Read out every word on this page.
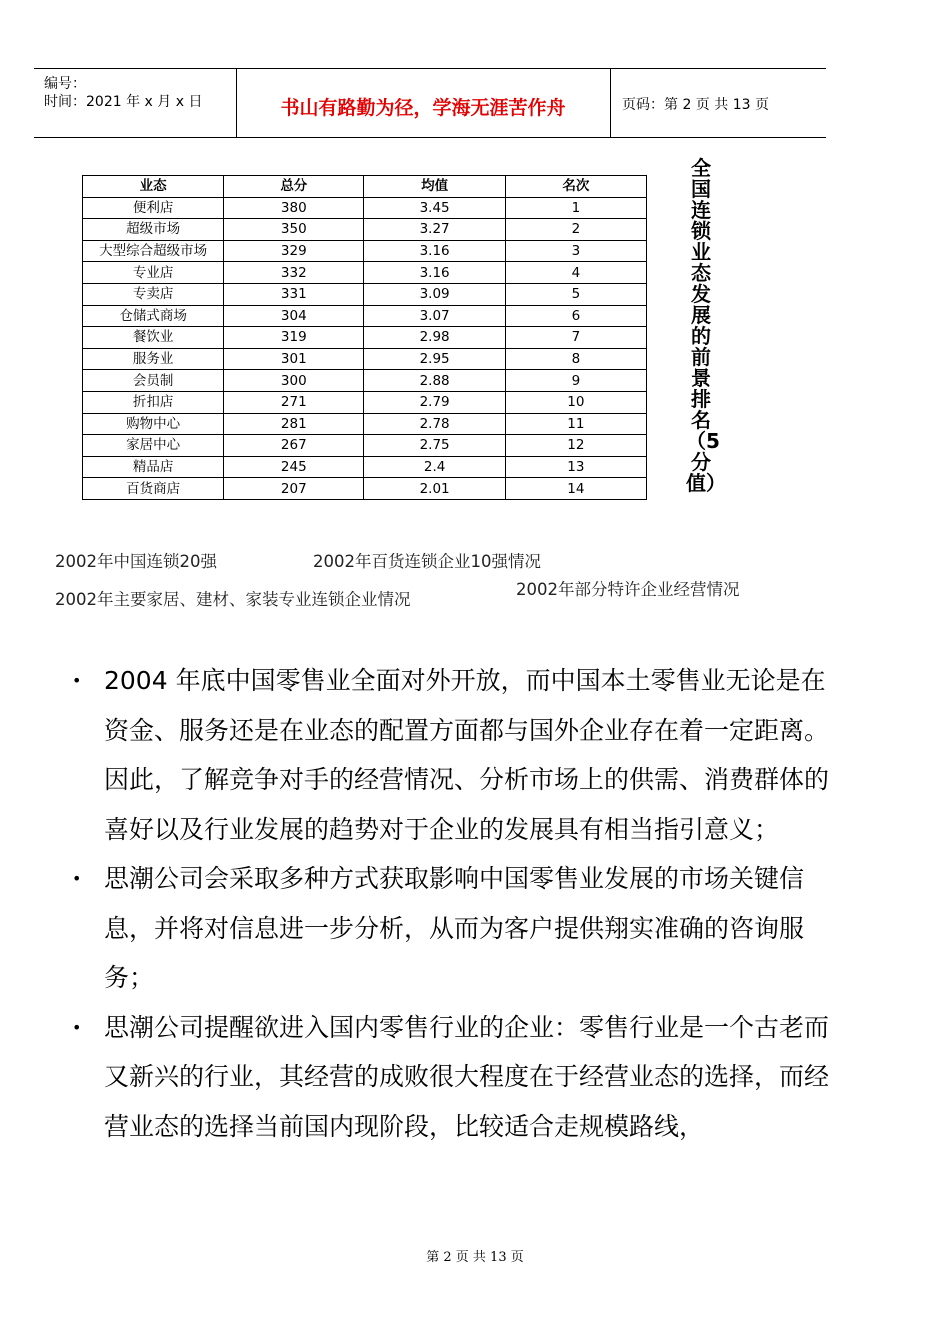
编号：
时间：2021 年 x 月 x 日	书山有路勤为径，学海无涯苦作舟	页码：第 2 页 共 13 页
业态	总分	均值	名次
便利店	380	3.45	1
超级市场	350	3.27	2
大型综合超级市场	329	3.16	3
专业店	332	3.16	4
专卖店	331	3.09	5
仓储式商场	304	3.07	6
餐饮业	319	2.98	7
服务业	301	2.95	8
会员制	300	2.88	9
折扣店	271	2.79	10
购物中心	281	2.78	11
家居中心	267	2.75	12
精品店	245	2.4	13
百货商店	207	2.01	14
全国连锁业态发展的前景排名（5分值）
2002年中国连锁20强	2002年百货连锁企业10强情况
2002年主要家居、建材、家装专业连锁企业情况
2002年部分特许企业经营情况
• 2004 年底中国零售业全面对外开放，而中国本土零售业无论是在资金、服务还是在业态的配置方面都与国外企业存在着一定距离。因此，了解竞争对手的经营情况、分析市场上的供需、消费群体的喜好以及行业发展的趋势对于企业的发展具有相当指引意义；
• 思潮公司会采取多种方式获取影响中国零售业发展的市场关键信息，并将对信息进一步分析，从而为客户提供翔实准确的咨询服务；
• 思潮公司提醒欲进入国内零售行业的企业：零售行业是一个古老而又新兴的行业，其经营的成败很大程度在于经营业态的选择，而经营业态的选择当前国内现阶段，比较适合走规模路线，
第 2 页 共 13 页
